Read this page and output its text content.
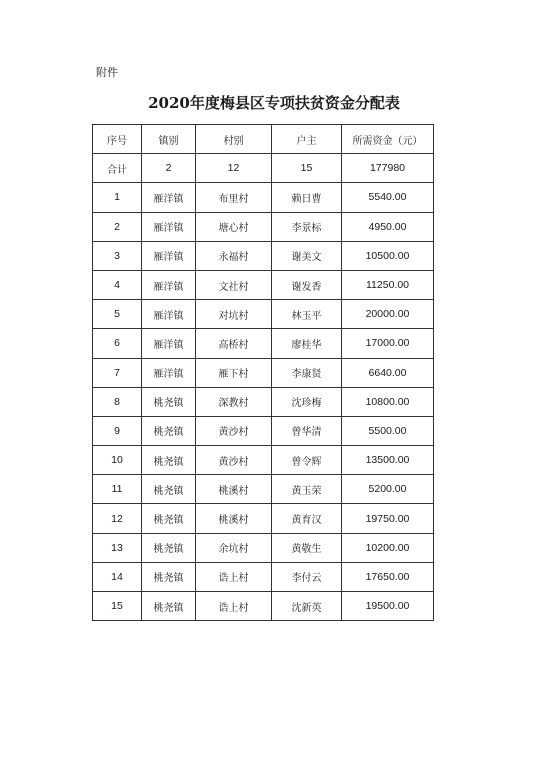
附件
2020年度梅县区专项扶贫资金分配表
序号	镇别	村别	户主	所需资金（元）
合计	2	12	15	177980
1	雁洋镇	布里村	赖日曹	5540.00
2	雁洋镇	塘心村	李景标	4950.00
3	雁洋镇	永福村	谢美文	10500.00
4	雁洋镇	文社村	谢发香	11250.00
5	雁洋镇	对坑村	林玉平	20000.00
6	雁洋镇	高桥村	廖桂华	17000.00
7	雁洋镇	雁下村	李康贤	6640.00
8	桃尧镇	深教村	沈珍梅	10800.00
9	桃尧镇	黄沙村	曾华清	5500.00
10	桃尧镇	黄沙村	曾令辉	13500.00
11	桃尧镇	桃溪村	黄玉荣	5200.00
12	桃尧镇	桃溪村	黄育汉	19750.00
13	桃尧镇	余坑村	黄敬生	10200.00
14	桃尧镇	诰上村	李付云	17650.00
15	桃尧镇	诰上村	沈新英	19500.00
